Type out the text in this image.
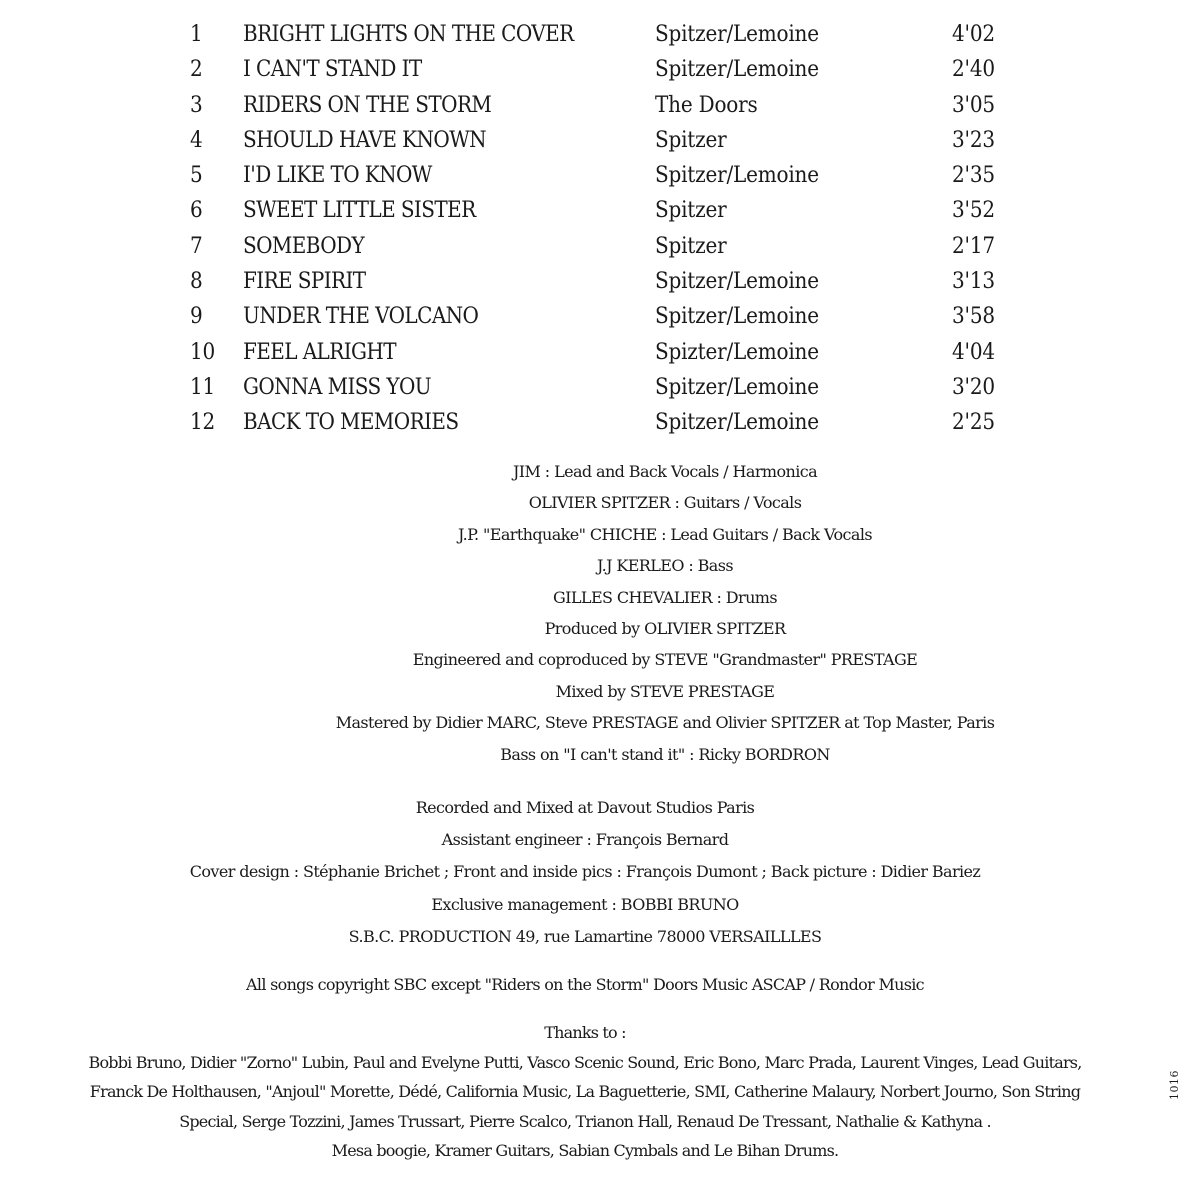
1	BRIGHT LIGHTS ON THE COVER	Spitzer/Lemoine	4'02
2	I CAN'T STAND IT	Spitzer/Lemoine	2'40
3	RIDERS ON THE STORM	The Doors	3'05
4	SHOULD HAVE KNOWN	Spitzer	3'23
5	I'D LIKE TO KNOW	Spitzer/Lemoine	2'35
6	SWEET LITTLE SISTER	Spitzer	3'52
7	SOMEBODY	Spitzer	2'17
8	FIRE SPIRIT	Spitzer/Lemoine	3'13
9	UNDER THE VOLCANO	Spitzer/Lemoine	3'58
10	FEEL ALRIGHT	Spizter/Lemoine	4'04
11	GONNA MISS YOU	Spitzer/Lemoine	3'20
12	BACK TO MEMORIES	Spitzer/Lemoine	2'25
JIM : Lead and Back Vocals / Harmonica
OLIVIER SPITZER : Guitars / Vocals
J.P. "Earthquake" CHICHE : Lead Guitars / Back Vocals
J.J KERLEO : Bass
GILLES CHEVALIER : Drums
Produced by OLIVIER SPITZER
Engineered and coproduced by STEVE "Grandmaster" PRESTAGE
Mixed by STEVE PRESTAGE
Mastered by Didier MARC, Steve PRESTAGE and Olivier SPITZER at Top Master, Paris
Bass on "I can't stand it" : Ricky BORDRON
Recorded and Mixed at Davout Studios Paris
Assistant engineer : François Bernard
Cover design : Stéphanie Brichet ; Front and inside pics : François Dumont ; Back picture : Didier Bariez
Exclusive management : BOBBI BRUNO
S.B.C. PRODUCTION 49, rue Lamartine 78000 VERSAILLLES
All songs copyright SBC except "Riders on the Storm" Doors Music ASCAP / Rondor Music
Thanks to :
Bobbi Bruno, Didier "Zorno" Lubin, Paul and Evelyne Putti, Vasco Scenic Sound, Eric Bono, Marc Prada, Laurent Vinges, Lead Guitars,
Franck De Holthausen, "Anjoul" Morette, Dédé, California Music, La Baguetterie, SMI, Catherine Malaury, Norbert Journo, Son String
Special, Serge Tozzini, James Trussart, Pierre Scalco, Trianon Hall, Renaud De Tressant, Nathalie & Kathyna .
Mesa boogie, Kramer Guitars, Sabian Cymbals and Le Bihan Drums.
1016
